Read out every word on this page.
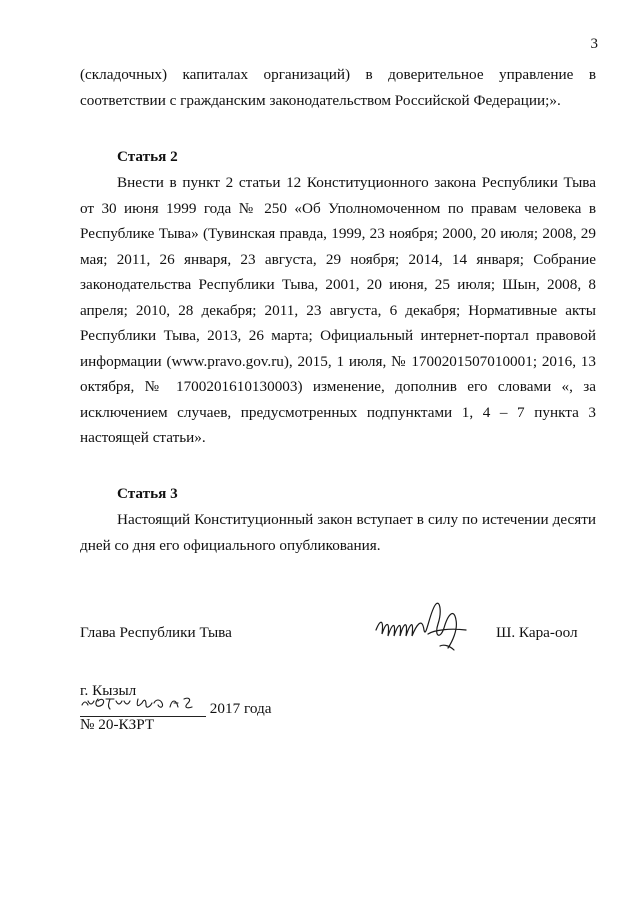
3

(складочных) капиталах организаций) в доверительное управление в соответствии с гражданским законодательством Российской Федерации;».

Статья 2

Внести в пункт 2 статьи 12 Конституционного закона Республики Тыва от 30 июня 1999 года № 250 «Об Уполномоченном по правам человека в Республике Тыва» (Тувинская правда, 1999, 23 ноября; 2000, 20 июля; 2008, 29 мая; 2011, 26 января, 23 августа, 29 ноября; 2014, 14 января; Собрание законодательства Республики Тыва, 2001, 20 июня, 25 июля; Шын, 2008, 8 апреля; 2010, 28 декабря; 2011, 23 августа, 6 декабря; Нормативные акты Республики Тыва, 2013, 26 марта; Официальный интернет-портал правовой информации (www.pravo.gov.ru), 2015, 1 июля, № 1700201507010001; 2016, 13 октября, № 1700201610130003) изменение, дополнив его словами «, за исключением случаев, предусмотренных подпунктами 1, 4 – 7 пункта 3 настоящей статьи».

Статья 3

Настоящий Конституционный закон вступает в силу по истечении десяти дней со дня его официального опубликования.

Глава Республики Тыва	Ш. Кара-оол
г. Кызыл
2017 года
№ 20-КЗРТ
